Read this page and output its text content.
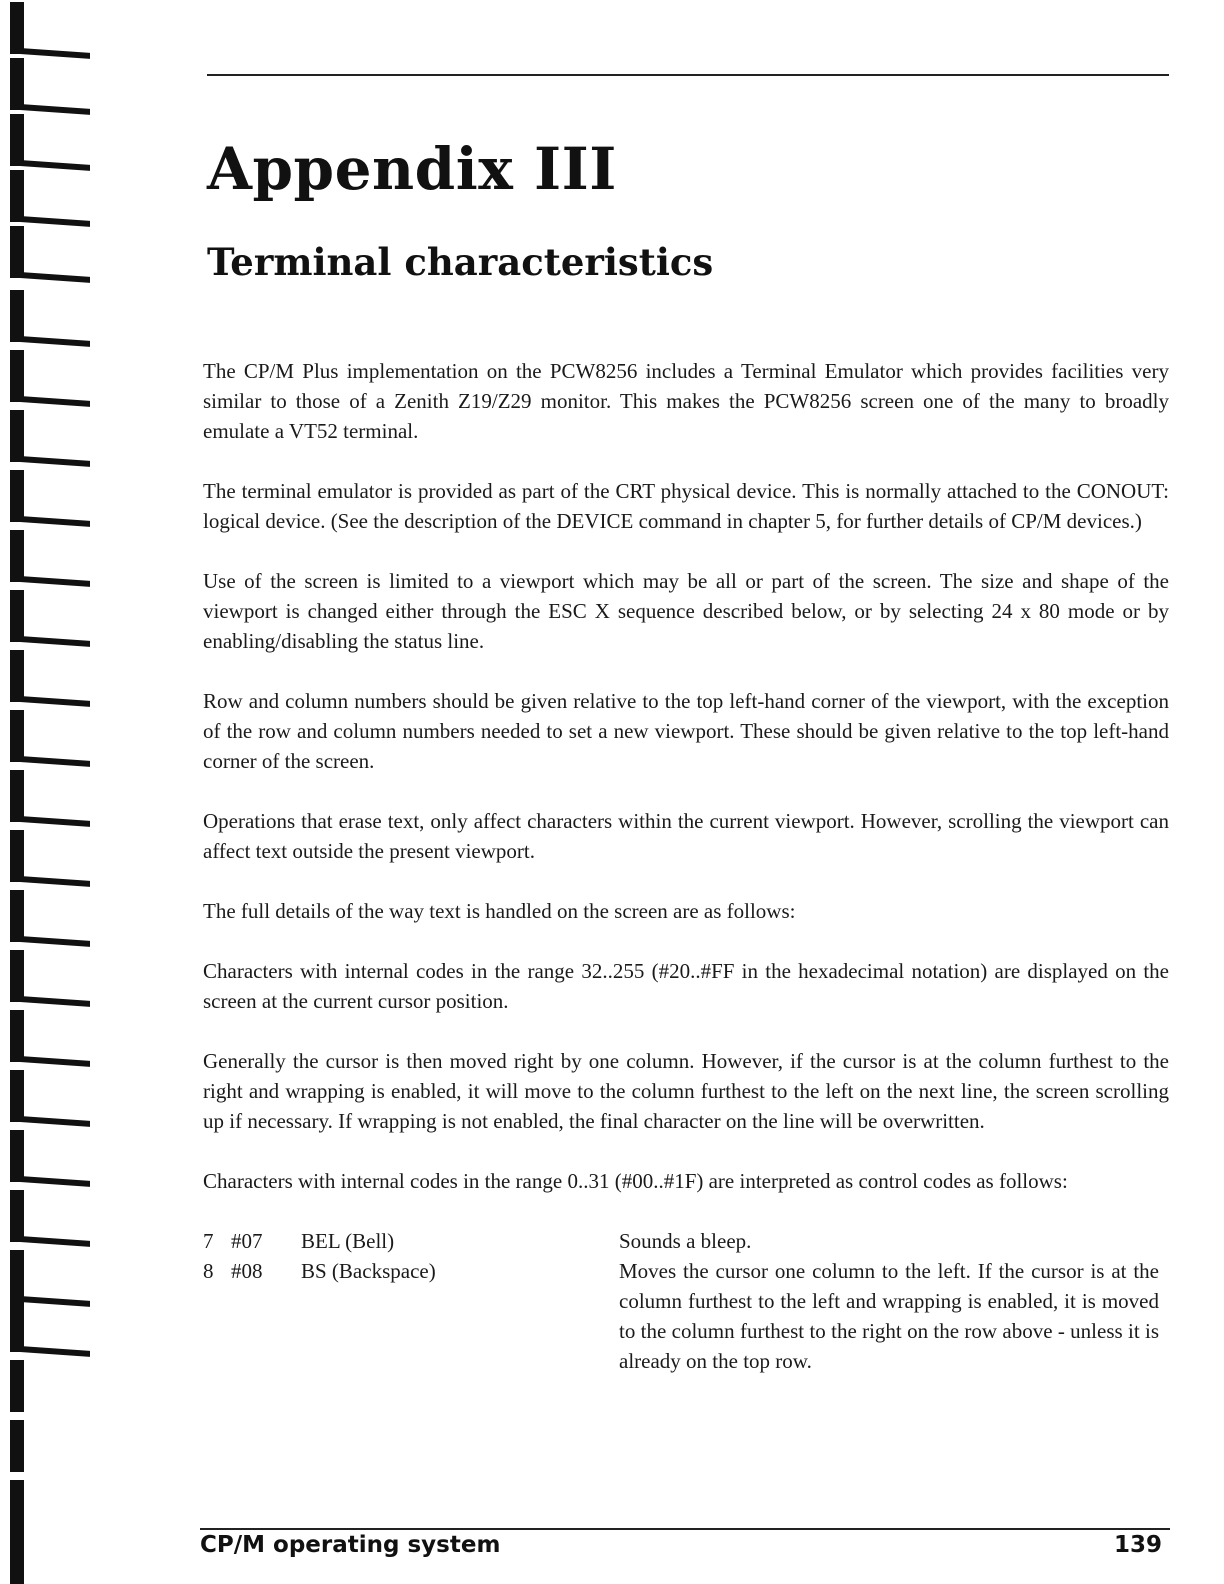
Appendix III
Terminal characteristics

The CP/M Plus implementation on the PCW8256 includes a Terminal Emulator which provides facilities very similar to those of a Zenith Z19/Z29 monitor. This makes the PCW8256 screen one of the many to broadly emulate a VT52 terminal.

The terminal emulator is provided as part of the CRT physical device. This is normally attached to the CONOUT: logical device. (See the description of the DEVICE command in chapter 5, for further details of CP/M devices.)

Use of the screen is limited to a viewport which may be all or part of the screen. The size and shape of the viewport is changed either through the ESC X sequence described below, or by selecting 24 x 80 mode or by enabling/disabling the status line.

Row and column numbers should be given relative to the top left-hand corner of the viewport, with the exception of the row and column numbers needed to set a new viewport. These should be given relative to the top left-hand corner of the screen.

Operations that erase text, only affect characters within the current viewport. However, scrolling the viewport can affect text outside the present viewport.

The full details of the way text is handled on the screen are as follows:

Characters with internal codes in the range 32..255 (#20..#FF in the hexadecimal notation) are displayed on the screen at the current cursor position.

Generally the cursor is then moved right by one column. However, if the cursor is at the column furthest to the right and wrapping is enabled, it will move to the column furthest to the left on the next line, the screen scrolling up if necessary. If wrapping is not enabled, the final character on the line will be overwritten.

Characters with internal codes in the range 0..31 (#00..#1F) are interpreted as control codes as follows:

7 #07	BEL (Bell)	Sounds a bleep.
8 #08	BS (Backspace)	Moves the cursor one column to the left. If the cursor is at the column furthest to the left and wrapping is enabled, it is moved to the column furthest to the right on the row above - unless it is already on the top row.
CP/M operating system	139
